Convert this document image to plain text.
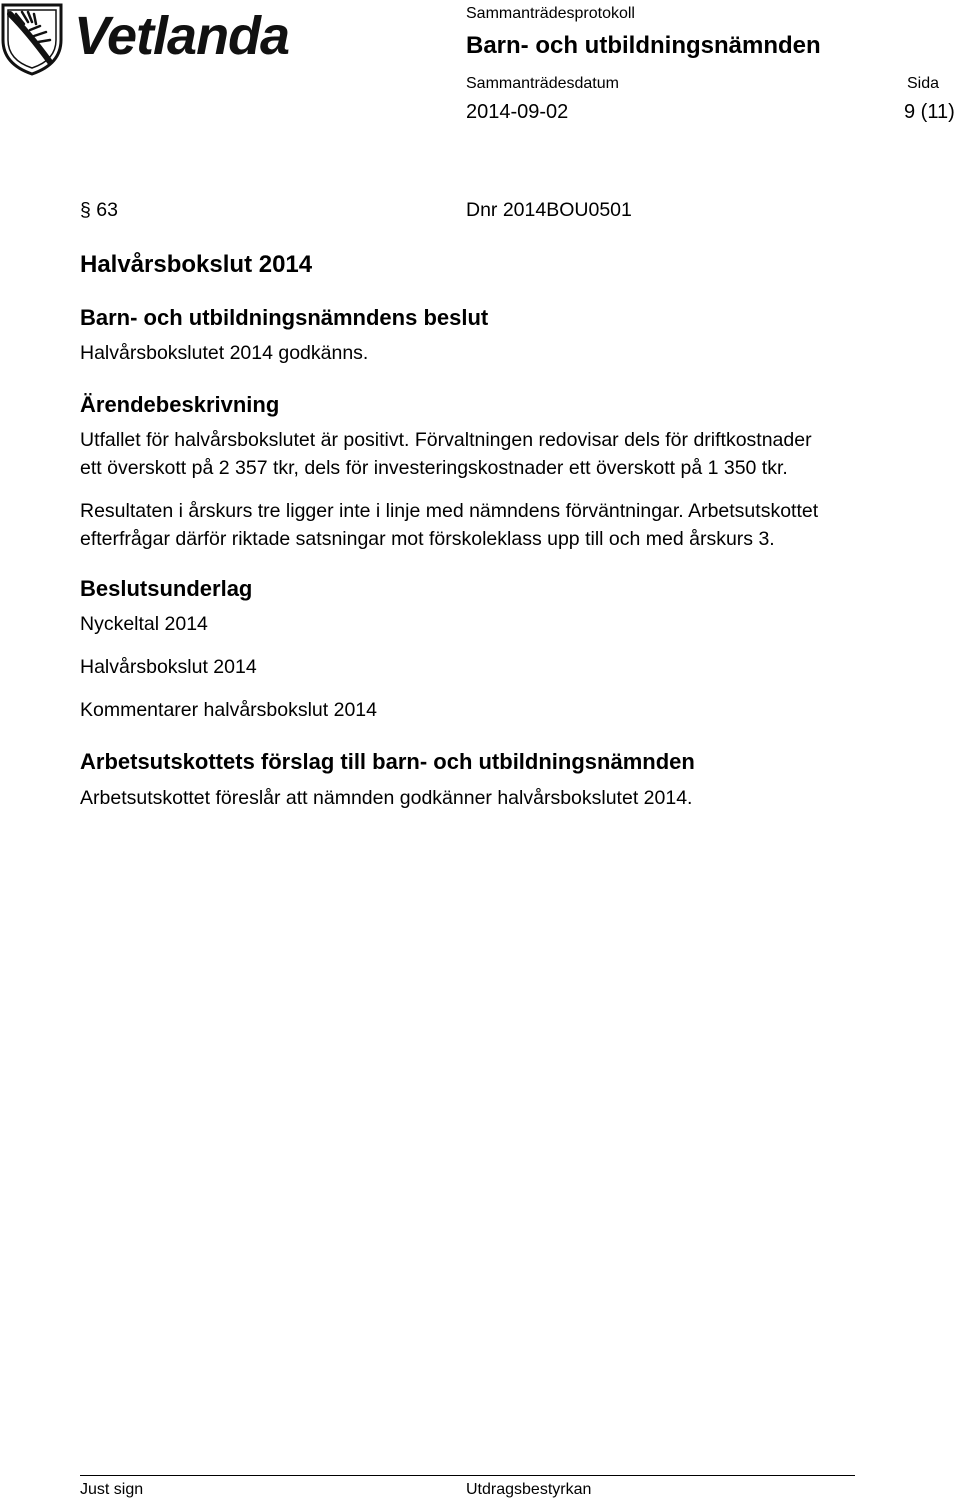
Vetlanda	Sammanträdesprotokoll
Barn- och utbildningsnämnden
Sammanträdesdatum	Sida
2014-09-02	9 (11)
§ 63	Dnr 2014BOU0501
Halvårsbokslut 2014
Barn- och utbildningsnämndens beslut
Halvårsbokslutet 2014 godkänns.
Ärendebeskrivning
Utfallet för halvårsbokslutet är positivt. Förvaltningen redovisar dels för driftkostnader
ett överskott på 2 357 tkr, dels för investeringskostnader ett överskott på 1 350 tkr.
Resultaten i årskurs tre ligger inte i linje med nämndens förväntningar. Arbetsutskottet
efterfrågar därför riktade satsningar mot förskoleklass upp till och med årskurs 3.
Beslutsunderlag
Nyckeltal 2014
Halvårsbokslut 2014
Kommentarer halvårsbokslut 2014
Arbetsutskottets förslag till barn- och utbildningsnämnden
Arbetsutskottet föreslår att nämnden godkänner halvårsbokslutet 2014.
Just sign	Utdragsbestyrkan
